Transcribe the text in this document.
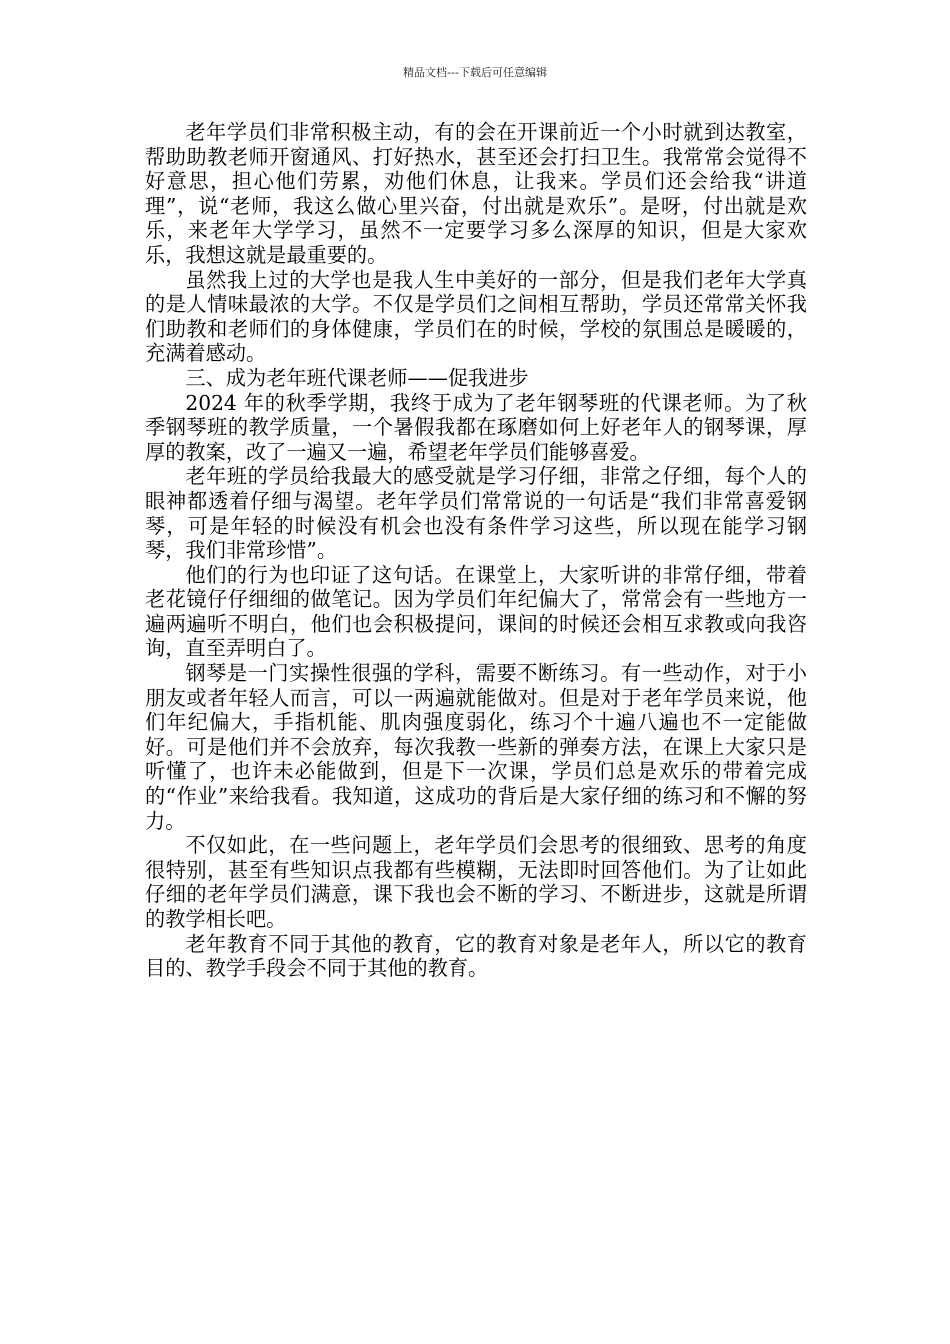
精品文档---下载后可任意编辑

老年学员们非常积极主动，有的会在开课前近一个小时就到达教室，帮助助教老师开窗通风、打好热水，甚至还会打扫卫生。我常常会觉得不好意思，担心他们劳累，劝他们休息，让我来。学员们还会给我“讲道理”，说“老师，我这么做心里兴奋，付出就是欢乐”。是呀，付出就是欢乐，来老年大学学习，虽然不一定要学习多么深厚的知识，但是大家欢乐，我想这就是最重要的。

虽然我上过的大学也是我人生中美好的一部分，但是我们老年大学真的是人情味最浓的大学。不仅是学员们之间相互帮助，学员还常常关怀我们助教和老师们的身体健康，学员们在的时候，学校的氛围总是暖暖的，充满着感动。

三、成为老年班代课老师——促我进步

2024 年的秋季学期，我终于成为了老年钢琴班的代课老师。为了秋季钢琴班的教学质量，一个暑假我都在琢磨如何上好老年人的钢琴课，厚厚的教案，改了一遍又一遍，希望老年学员们能够喜爱。

老年班的学员给我最大的感受就是学习仔细，非常之仔细，每个人的眼神都透着仔细与渴望。老年学员们常常说的一句话是“我们非常喜爱钢琴，可是年轻的时候没有机会也没有条件学习这些，所以现在能学习钢琴，我们非常珍惜”。

他们的行为也印证了这句话。在课堂上，大家听讲的非常仔细，带着老花镜仔仔细细的做笔记。因为学员们年纪偏大了，常常会有一些地方一遍两遍听不明白，他们也会积极提问，课间的时候还会相互求教或向我咨询，直至弄明白了。

钢琴是一门实操性很强的学科，需要不断练习。有一些动作，对于小朋友或者年轻人而言，可以一两遍就能做对。但是对于老年学员来说，他们年纪偏大，手指机能、肌肉强度弱化，练习个十遍八遍也不一定能做好。可是他们并不会放弃，每次我教一些新的弹奏方法，在课上大家只是听懂了，也许未必能做到，但是下一次课，学员们总是欢乐的带着完成的“作业”来给我看。我知道，这成功的背后是大家仔细的练习和不懈的努力。

不仅如此，在一些问题上，老年学员们会思考的很细致、思考的角度很特别，甚至有些知识点我都有些模糊，无法即时回答他们。为了让如此仔细的老年学员们满意，课下我也会不断的学习、不断进步，这就是所谓的教学相长吧。

老年教育不同于其他的教育，它的教育对象是老年人，所以它的教育目的、教学手段会不同于其他的教育。
